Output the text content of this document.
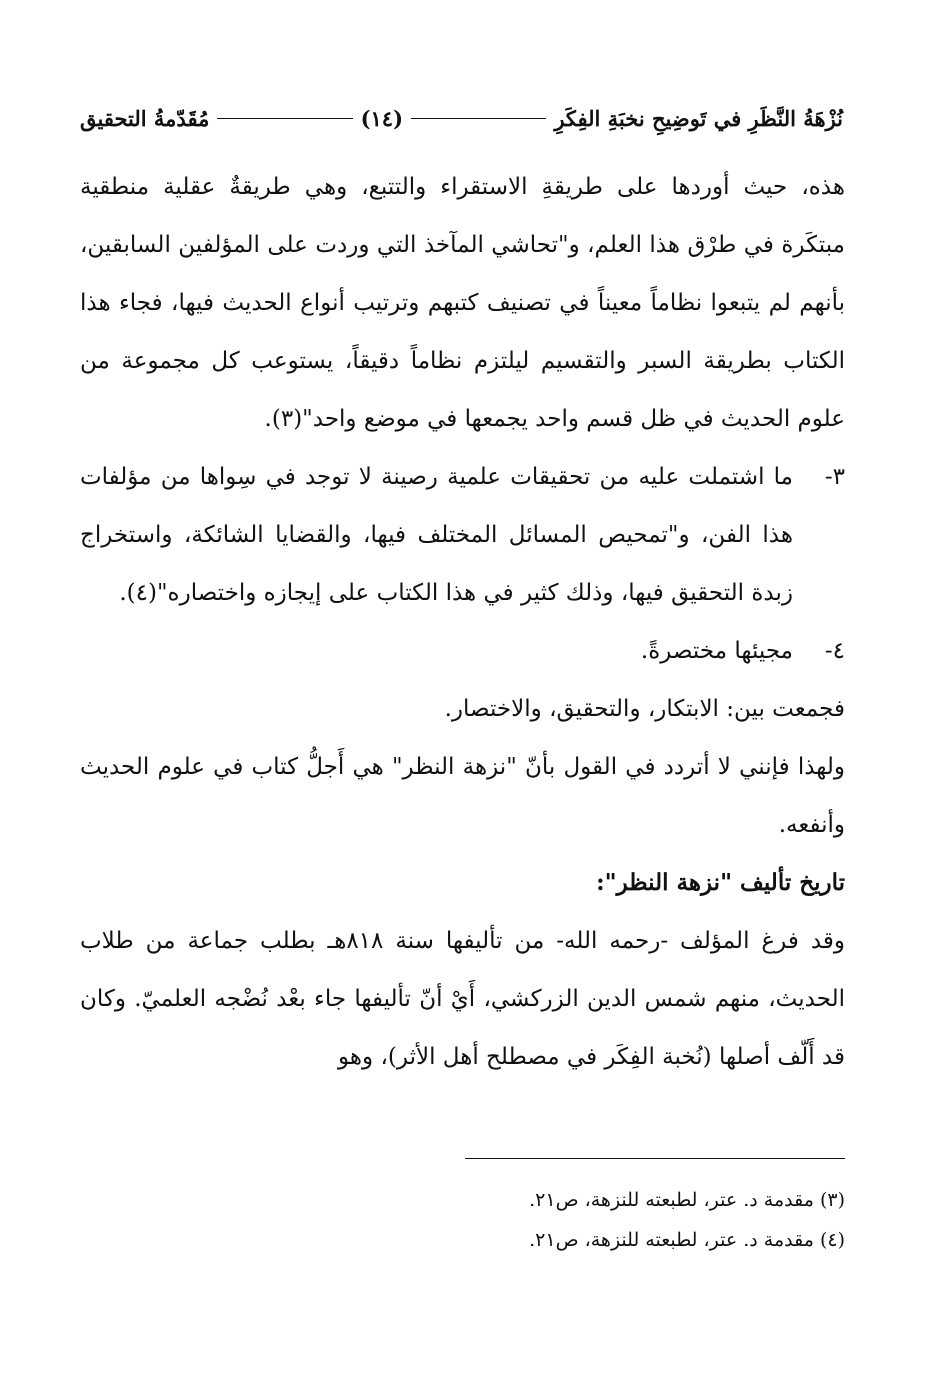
مُقَدّمةُ التحقيق	(١٤)	نُزْهَةُ النَّظَرِ في تَوضِيحِ نخبَةِ الفِكَرِ

هذه، حيث أوردها على طريقةِ الاستقراء والتتبع، وهي طريقةٌ عقلية منطقية مبتكَرة في طرْق هذا العلم، و"تحاشي المآخذ التي وردت على المؤلفين السابقين، بأنهم لم يتبعوا نظاماً معيناً في تصنيف كتبهم وترتيب أنواع الحديث فيها، فجاء هذا الكتاب بطريقة السبر والتقسيم ليلتزم نظاماً دقيقاً، يستوعب كل مجموعة من علوم الحديث في ظل قسم واحد يجمعها في موضع واحد"(٣).

٣-
ما اشتملت عليه من تحقيقات علمية رصينة لا توجد في سِواها من مؤلفات هذا الفن، و"تمحيص المسائل المختلف فيها، والقضايا الشائكة، واستخراج زبدة التحقيق فيها، وذلك كثير في هذا الكتاب على إيجازه واختصاره"(٤).
٤-
مجيئها مختصرةً.

فجمعت بين: الابتكار، والتحقيق، والاختصار.

ولهذا فإنني لا أتردد في القول بأنّ "نزهة النظر" هي أَجلُّ كتاب في علوم الحديث وأنفعه.

تاريخ تأليف "نزهة النظر":

وقد فرغ المؤلف -رحمه الله- من تأليفها سنة ٨١٨هـ بطلب جماعة من طلاب الحديث، منهم شمس الدين الزركشي، أَيْ أنّ تأليفها جاء بعْد نُضْجه العلميّ. وكان قد أَلّف أصلها (نُخبة الفِكَر في مصطلح أهل الأثر)، وهو

(٣) مقدمة د. عتر، لطبعته للنزهة، ص٢١.

(٤) مقدمة د. عتر، لطبعته للنزهة، ص٢١.
